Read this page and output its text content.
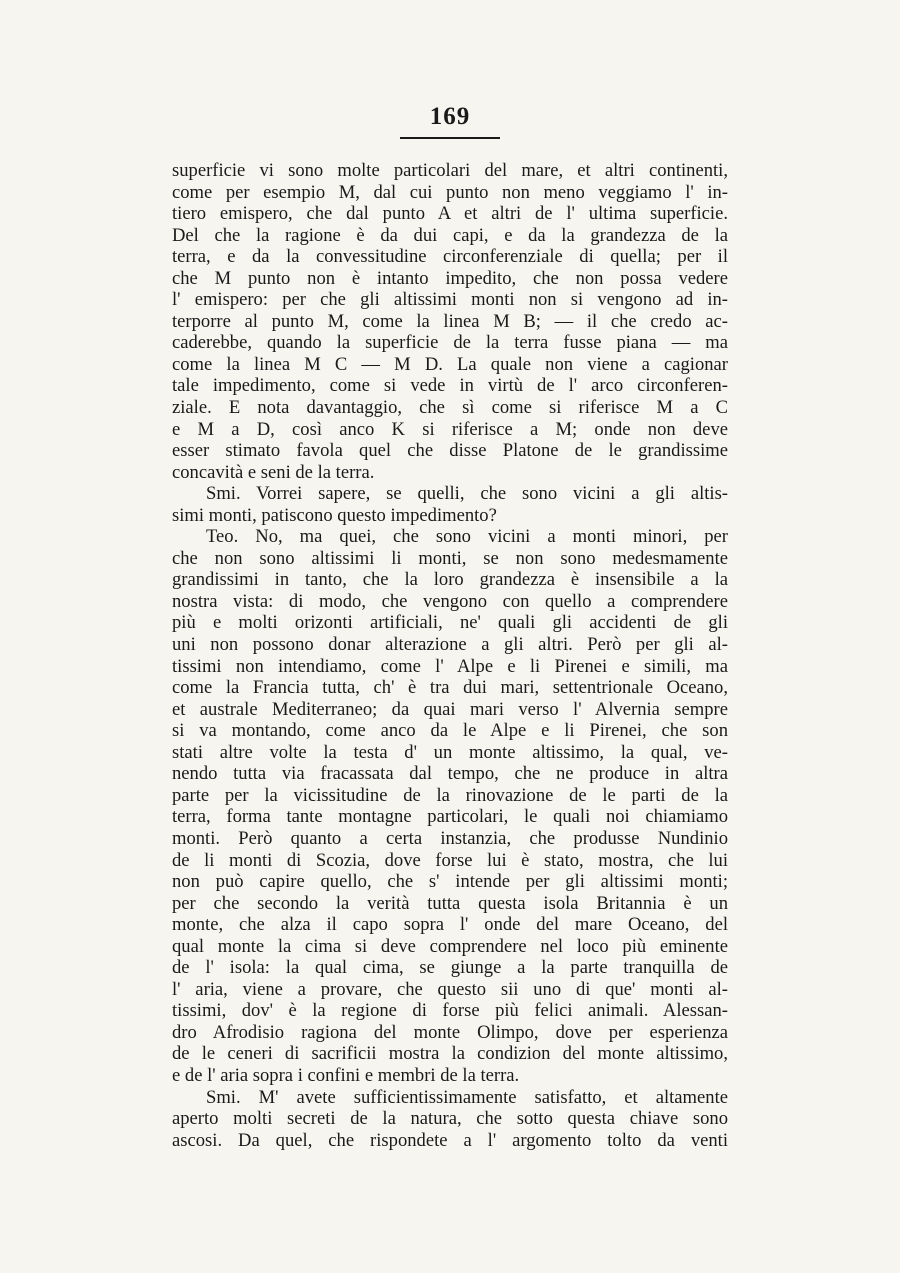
169
superficie vi sono molte particolari del mare, et altri continenti,
come per esempio M, dal cui punto non meno veggiamo l' in-
tiero emispero, che dal punto A et altri de l' ultima superficie.
Del che la ragione è da dui capi, e da la grandezza de la
terra, e da la convessitudine circonferenziale di quella; per il
che M punto non è intanto impedito, che non possa vedere
l' emispero: per che gli altissimi monti non si vengono ad in-
terporre al punto M, come la linea M B; — il che credo ac-
caderebbe, quando la superficie de la terra fusse piana — ma
come la linea M C — M D. La quale non viene a cagionar
tale impedimento, come si vede in virtù de l' arco circonferen-
ziale. E nota davantaggio, che sì come si riferisce M a C
e M a D, così anco K si riferisce a M; onde non deve
esser stimato favola quel che disse Platone de le grandissime
concavità e seni de la terra.
Smi. Vorrei sapere, se quelli, che sono vicini a gli altis-
simi monti, patiscono questo impedimento?
Teo. No, ma quei, che sono vicini a monti minori, per
che non sono altissimi li monti, se non sono medesmamente
grandissimi in tanto, che la loro grandezza è insensibile a la
nostra vista: di modo, che vengono con quello a comprendere
più e molti orizonti artificiali, ne' quali gli accidenti de gli
uni non possono donar alterazione a gli altri. Però per gli al-
tissimi non intendiamo, come l' Alpe e li Pirenei e simili, ma
come la Francia tutta, ch' è tra dui mari, settentrionale Oceano,
et australe Mediterraneo; da quai mari verso l' Alvernia sempre
si va montando, come anco da le Alpe e li Pirenei, che son
stati altre volte la testa d' un monte altissimo, la qual, ve-
nendo tutta via fracassata dal tempo, che ne produce in altra
parte per la vicissitudine de la rinovazione de le parti de la
terra, forma tante montagne particolari, le quali noi chiamiamo
monti. Però quanto a certa instanzia, che produsse Nundinio
de li monti di Scozia, dove forse lui è stato, mostra, che lui
non può capire quello, che s' intende per gli altissimi monti;
per che secondo la verità tutta questa isola Britannia è un
monte, che alza il capo sopra l' onde del mare Oceano, del
qual monte la cima si deve comprendere nel loco più eminente
de l' isola: la qual cima, se giunge a la parte tranquilla de
l' aria, viene a provare, che questo sii uno di que' monti al-
tissimi, dov' è la regione di forse più felici animali. Alessan-
dro Afrodisio ragiona del monte Olimpo, dove per esperienza
de le ceneri di sacrificii mostra la condizion del monte altissimo,
e de l' aria sopra i confini e membri de la terra.
Smi. M' avete sufficientissimamente satisfatto, et altamente
aperto molti secreti de la natura, che sotto questa chiave sono
ascosi. Da quel, che rispondete a l' argomento tolto da venti
